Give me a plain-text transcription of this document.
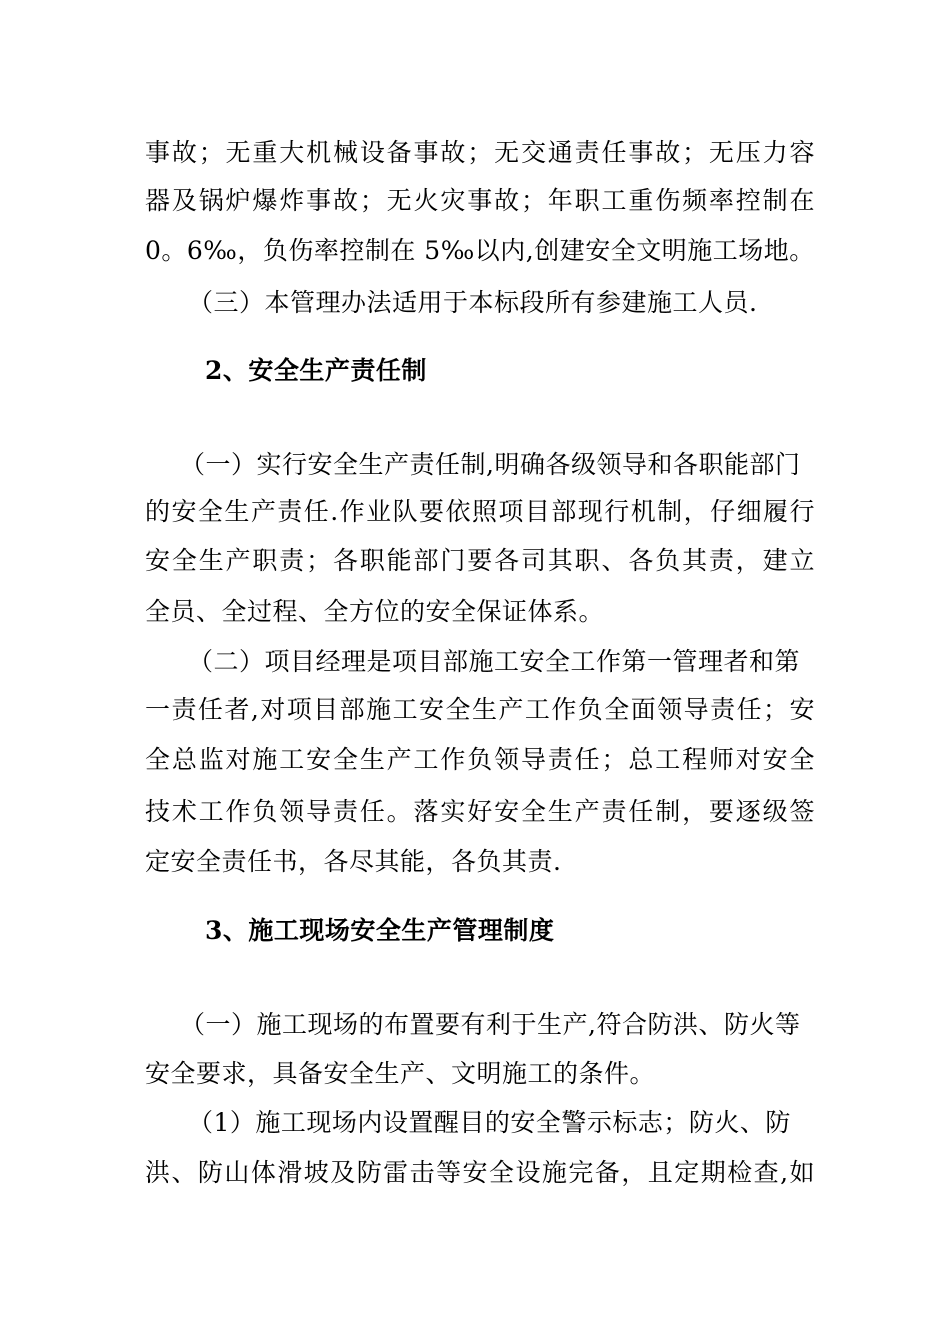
事故；无重大机械设备事故；无交通责任事故；无压力容
器及锅炉爆炸事故；无火灾事故；年职工重伤频率控制在
0。6‰，负伤率控制在 5‰以内,创建安全文明施工场地。
（三）本管理办法适用于本标段所有参建施工人员.
2、安全生产责任制
（一）实行安全生产责任制,明确各级领导和各职能部门
的安全生产责任.作业队要依照项目部现行机制，仔细履行
安全生产职责；各职能部门要各司其职、各负其责，建立
全员、全过程、全方位的安全保证体系。
（二）项目经理是项目部施工安全工作第一管理者和第
一责任者,对项目部施工安全生产工作负全面领导责任；安
全总监对施工安全生产工作负领导责任；总工程师对安全
技术工作负领导责任。落实好安全生产责任制，要逐级签
定安全责任书，各尽其能，各负其责.
3、施工现场安全生产管理制度
（一）施工现场的布置要有利于生产,符合防洪、防火等
安全要求，具备安全生产、文明施工的条件。
（1）施工现场内设置醒目的安全警示标志；防火、防
洪、防山体滑坡及防雷击等安全设施完备，且定期检查,如
